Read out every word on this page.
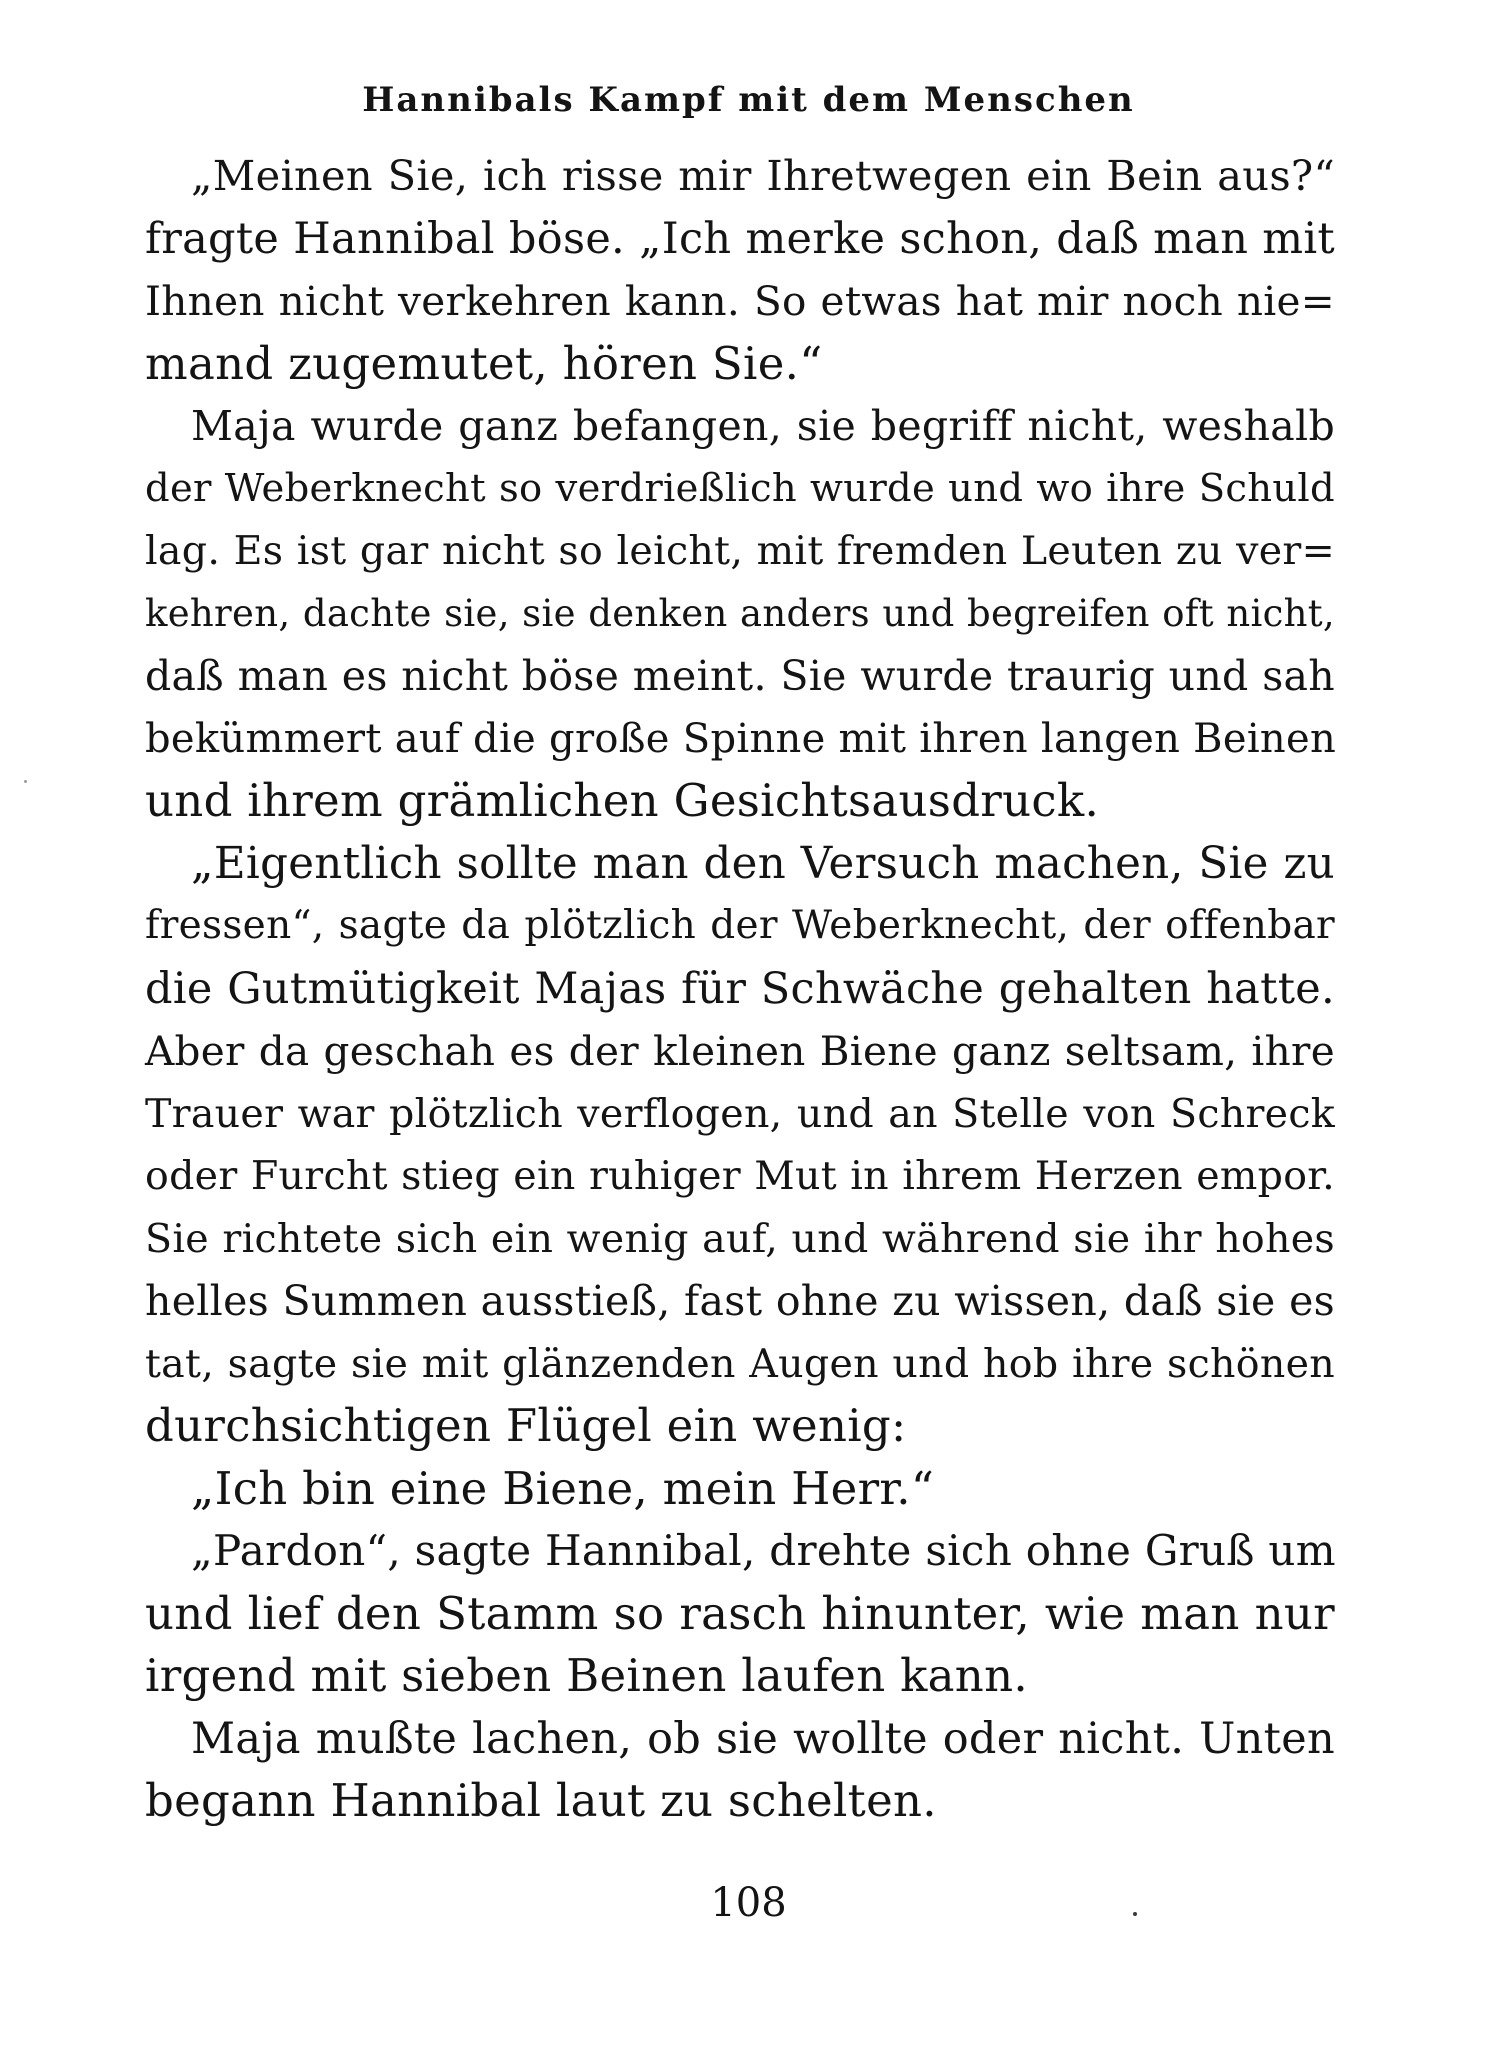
Hannibals Kampf mit dem Menschen
„Meinen Sie, ich risse mir Ihretwegen ein Bein aus?“
fragte Hannibal böse. „Ich merke schon, daß man mit
Ihnen nicht verkehren kann. So etwas hat mir noch nie=
mand zugemutet, hören Sie.“
Maja wurde ganz befangen, sie begriff nicht, weshalb
der Weberknecht so verdrießlich wurde und wo ihre Schuld
lag. Es ist gar nicht so leicht, mit fremden Leuten zu ver=
kehren, dachte sie, sie denken anders und begreifen oft nicht,
daß man es nicht böse meint. Sie wurde traurig und sah
bekümmert auf die große Spinne mit ihren langen Beinen
und ihrem grämlichen Gesichtsausdruck.
„Eigentlich sollte man den Versuch machen, Sie zu
fressen“, sagte da plötzlich der Weberknecht, der offenbar
die Gutmütigkeit Majas für Schwäche gehalten hatte.
Aber da geschah es der kleinen Biene ganz seltsam, ihre
Trauer war plötzlich verflogen, und an Stelle von Schreck
oder Furcht stieg ein ruhiger Mut in ihrem Herzen empor.
Sie richtete sich ein wenig auf, und während sie ihr hohes
helles Summen ausstieß, fast ohne zu wissen, daß sie es
tat, sagte sie mit glänzenden Augen und hob ihre schönen
durchsichtigen Flügel ein wenig:
„Ich bin eine Biene, mein Herr.“
„Pardon“, sagte Hannibal, drehte sich ohne Gruß um
und lief den Stamm so rasch hinunter, wie man nur
irgend mit sieben Beinen laufen kann.
Maja mußte lachen, ob sie wollte oder nicht. Unten
begann Hannibal laut zu schelten.
108
